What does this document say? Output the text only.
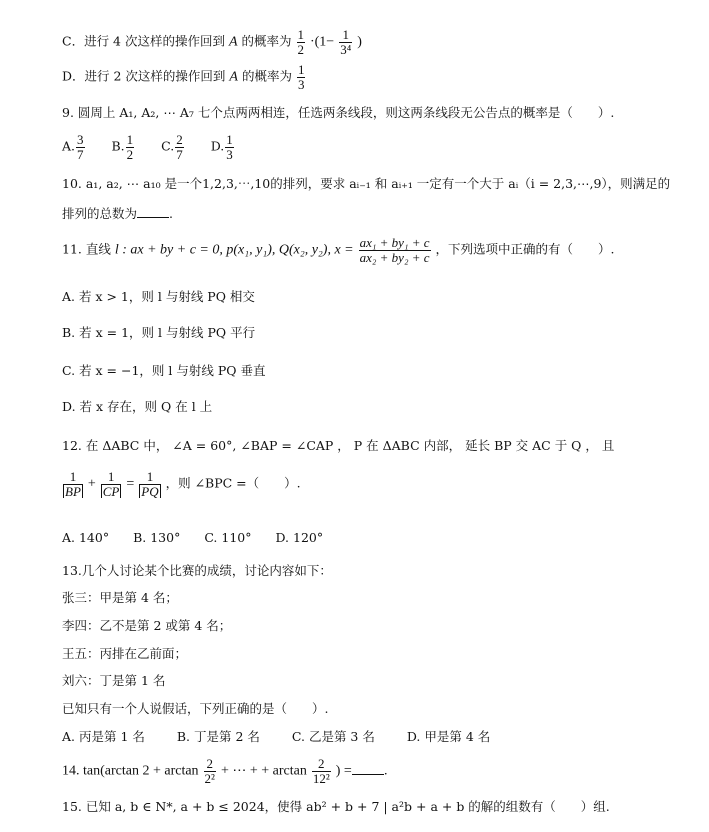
C．进行 4 次这样的操作回到 A 的概率为 $\frac{1}{2} \cdot(1- \frac{1}{\text{3⁴}}$ )
D．进行 2 次这样的操作回到 A 的概率为 $\frac{1}{3}$
9. 圆周上 A₁, A₂, ⋯ A₇ 七个点两两相连，任选两条线段，则这两条线段无公告点的概率是（　　）.
A. $\frac{3}{7} B$. $\frac{1}{2} C$. $\frac{2}{7} D$. $\frac{1}{3}$
10. a₁, a₂, ⋯ a₁₀ 是一个1,2,3,⋯,10的排列，要求 aᵢ₋₁ 和 aᵢ₊₁ 一定有一个大于 aᵢ（i = 2,3,⋯,9），则满足的
排列的总数为	.
11. 直线 l : ax + by + c = 0, p(x₁, y₁), Q(x₂, y₂), $x = \frac{\text{ax₁ + by₁ + c}}{\text{ax₂ + by₂ + c}}$ ，下列选项中正确的有（　　）.
A. 若 x > 1，则 l 与射线 PQ 相交
B. 若 x = 1，则 l 与射线 PQ 平行
C. 若 x = −1，则 l 与射线 PQ 垂直
D. 若 x 存在，则 Q 在 l 上
12. 在 ΔABC 中， ∠A = 60°, ∠BAP = ∠CAP ， P 在 ΔABC 内部， 延长 BP 交 AC 于 Q ， 且
$\frac{1}{BP} + \frac{1}{CP} = \frac{1}{PQ}$ ，则 ∠BPC =（　　）.
A. 140° B. 130° C. 110° D. 120°
13.几个人讨论某个比赛的成绩，讨论内容如下：
张三：甲是第 4 名；
李四：乙不是第 2 或第 4 名；
王五：丙排在乙前面；
刘六：丁是第 1 名
已知只有一个人说假话，下列正确的是（　　）.
A. 丙是第 1 名	B. 丁是第 2 名	C. 乙是第 3 名	D. 甲是第 4 名
14. tan(arctan $2 + \arctan \frac{2}{\text{2²}}$ + ⋯ + + $\arctan \frac{2}{\text{12²}}$ ) =	.
15. 已知 a, b ∈ N*, a + b ≤ 2024，使得 ab² + b + 7 | a²b + a + b 的解的组数有（　　）组.
